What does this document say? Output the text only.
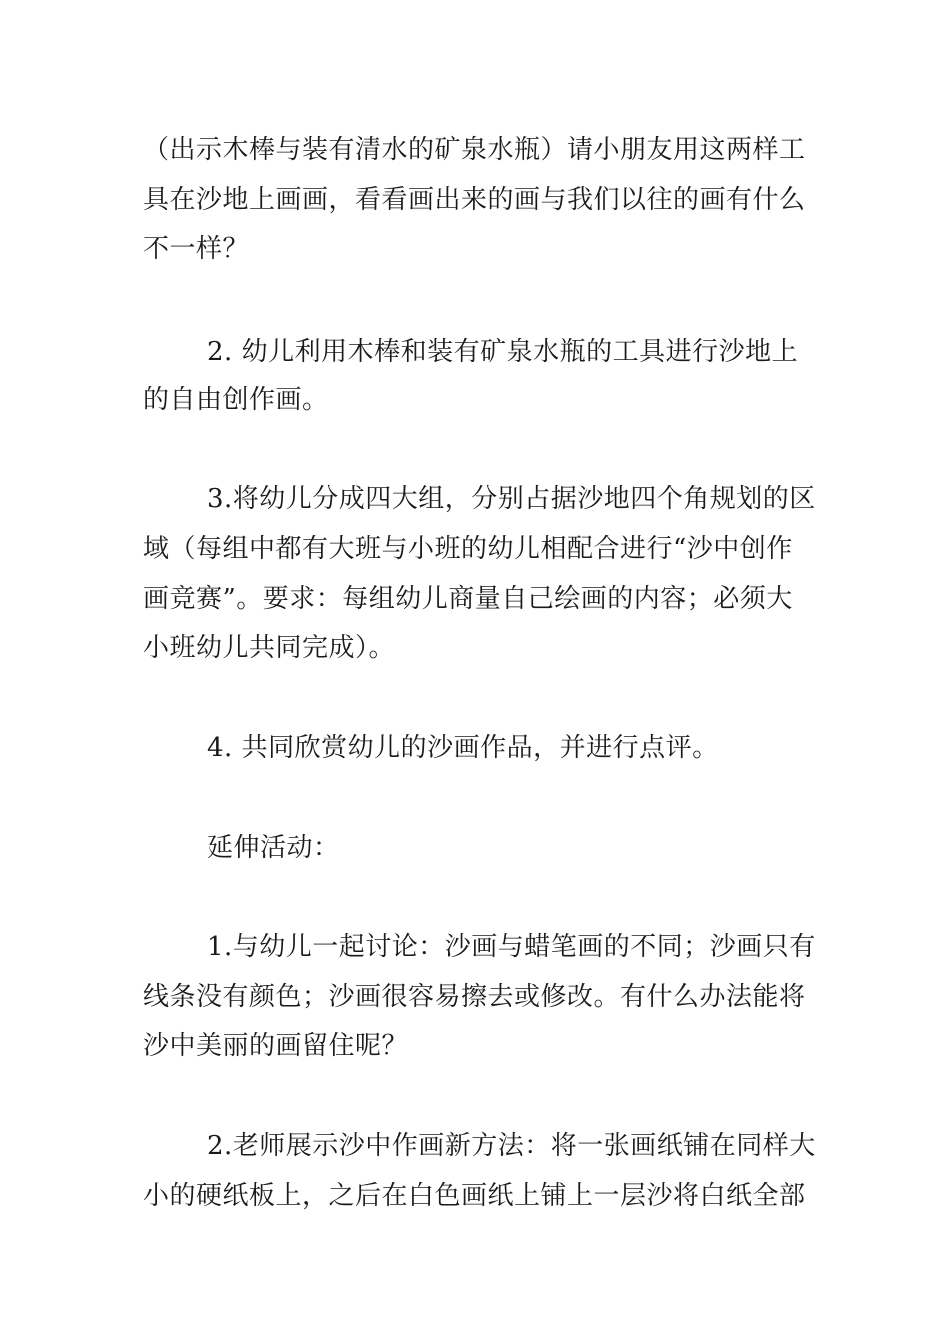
（出示木棒与装有清水的矿泉水瓶）请小朋友用这两样工
具在沙地上画画，看看画出来的画与我们以往的画有什么
不一样？
2. 幼儿利用木棒和装有矿泉水瓶的工具进行沙地上
的自由创作画。
3.将幼儿分成四大组，分别占据沙地四个角规划的区
域（每组中都有大班与小班的幼儿相配合进行“沙中创作
画竞赛”。要求：每组幼儿商量自己绘画的内容；必须大
小班幼儿共同完成）。
4. 共同欣赏幼儿的沙画作品，并进行点评。
延伸活动：
1.与幼儿一起讨论：沙画与蜡笔画的不同；沙画只有
线条没有颜色；沙画很容易擦去或修改。有什么办法能将
沙中美丽的画留住呢？
2.老师展示沙中作画新方法：将一张画纸铺在同样大
小的硬纸板上，之后在白色画纸上铺上一层沙将白纸全部
